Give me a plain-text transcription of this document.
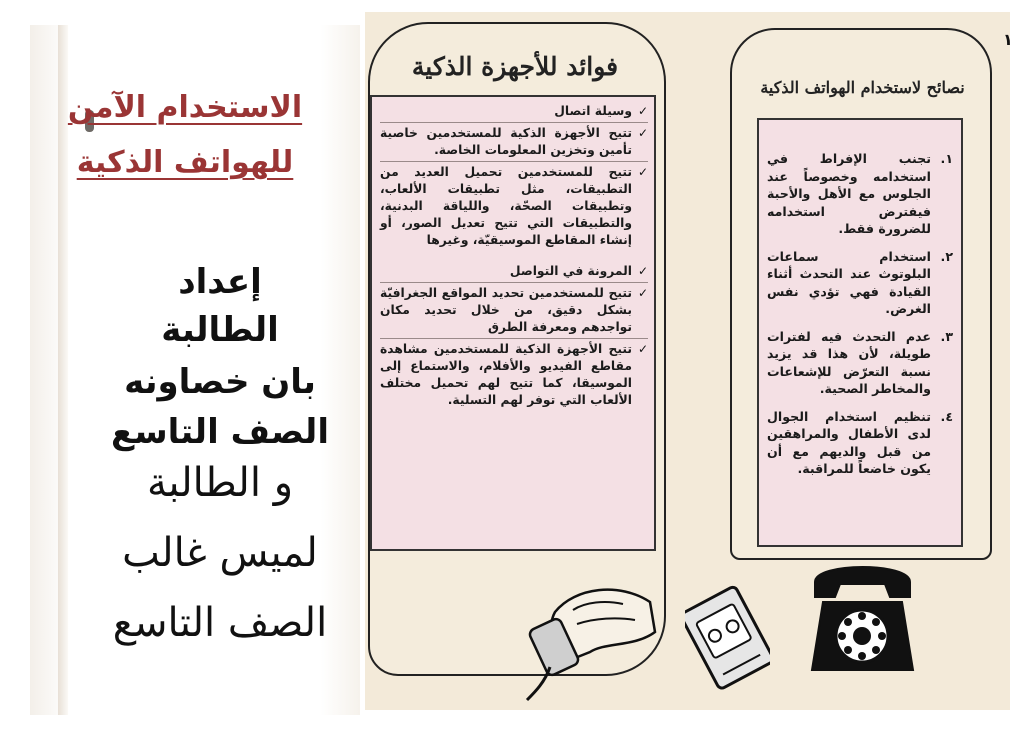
الاستخدام الآمن
للهواتف الذكية

إعداد

الطالبة

بان خصاونه

الصف التاسع

و الطالبة

لميس غالب

الصف التاسع

١
فوائد للأجهزة الذكية
✓
وسيلة اتصال
✓
تتيح الأجهزة الذكية للمستخدمين خاصية تأمين وتخزين المعلومات الخاصة.
✓
تتيح للمستخدمين تحميل العديد من التطبيقات، مثل تطبيقات الألعاب، وتطبيقات الصحّة، واللياقة البدنية، والتطبيقات التي تتيح تعديل الصور، أو إنشاء المقاطع الموسيقيّة، وغيرها
✓
المرونة في التواصل
✓
تتيح للمستخدمين تحديد المواقع الجغرافيّة بشكل دقيق، من خلال تحديد مكان تواجدهم ومعرفة الطرق
✓
تتيح الأجهزة الذكية للمستخدمين مشاهدة مقاطع الفيديو والأفلام، والاستماع إلى الموسيقا، كما تتيح لهم تحميل مختلف الألعاب التي توفر لهم التسلية.
نصائح لاستخدام الهواتف الذكية
١.
تجنب الإفراط في استخدامه وخصوصاً عند الجلوس مع الأهل والأحبة فيفترض استخدامه للضرورة فقط.
٢.
استخدام سماعات البلوتوث عند التحدث أثناء القيادة فهي تؤدي نفس الغرض.
٣.
عدم التحدث فيه لفترات طويلة، لأن هذا قد يزيد نسبة التعرّض للإشعاعات والمخاطر الصحية.
٤.
تنظيم استخدام الجوال لدى الأطفال والمراهقين من قبل والديهم مع أن يكون خاضعاً للمراقبة.
